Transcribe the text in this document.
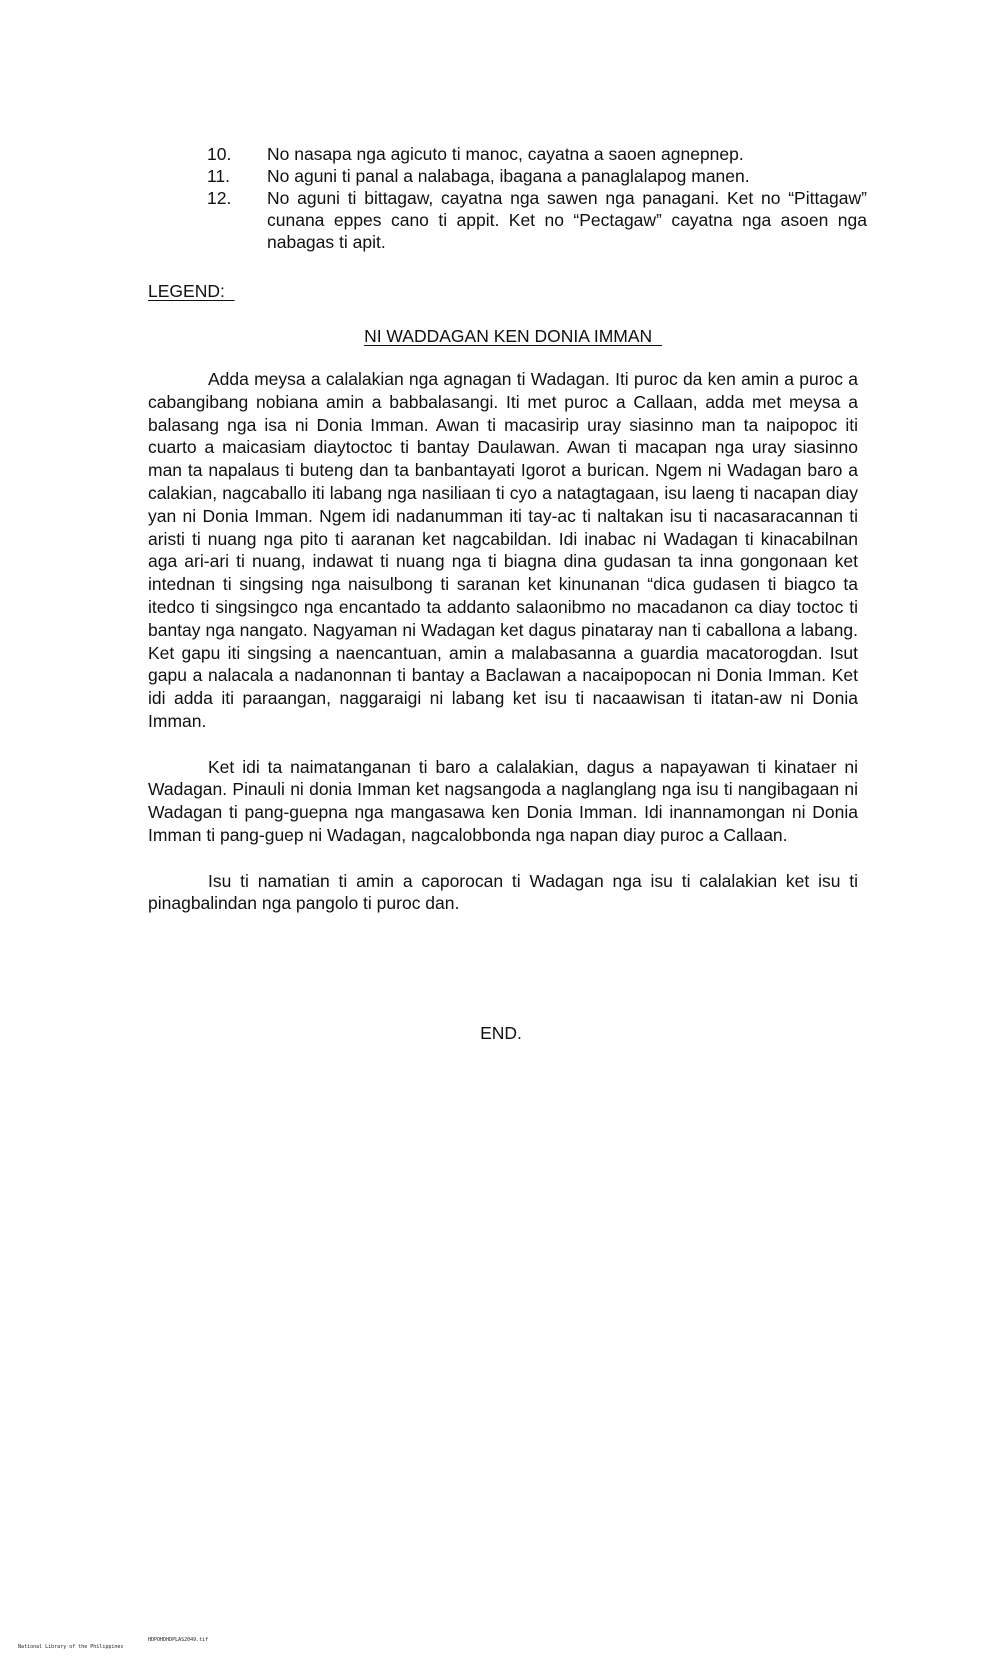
10.	No nasapa nga agicuto ti manoc, cayatna a saoen agnepnep.
11.	No aguni ti panal a nalabaga, ibagana a panaglalapog manen.
12.	No aguni ti bittagaw, cayatna nga sawen nga panagani. Ket no “Pittagaw” cunana eppes cano ti appit. Ket no “Pectagaw” cayatna nga asoen nga nabagas ti apit.
LEGEND:
NI WADDAGAN KEN DONIA IMMAN

Adda meysa a calalakian nga agnagan ti Wadagan. Iti puroc da ken amin a puroc a cabangibang nobiana amin a babbalasangi. Iti met puroc a Callaan, adda met meysa a balasang nga isa ni Donia Imman. Awan ti macasirip uray siasinno man ta naipopoc iti cuarto a maicasiam diaytoctoc ti bantay Daulawan. Awan ti macapan nga uray siasinno man ta napalaus ti buteng dan ta banbantayati Igorot a burican. Ngem ni Wadagan baro a calakian, nagcaballo iti labang nga nasiliaan ti cyo a natagtagaan, isu laeng ti nacapan diay yan ni Donia Imman. Ngem idi nadanumman iti tay-ac ti naltakan isu ti nacasaracannan ti aristi ti nuang nga pito ti aaranan ket nagcabildan. Idi inabac ni Wadagan ti kinacabilnan aga ari-ari ti nuang, indawat ti nuang nga ti biagna dina gudasan ta inna gongonaan ket intednan ti singsing nga naisulbong ti saranan ket kinunanan “dica gudasen ti biagco ta itedco ti singsingco nga encantado ta addanto salaonibmo no macadanon ca diay toctoc ti bantay nga nangato. Nagyaman ni Wadagan ket dagus pinataray nan ti caballona a labang. Ket gapu iti singsing a naencantuan, amin a malabasanna a guardia macatorogdan. Isut gapu a nalacala a nadanonnan ti bantay a Baclawan a nacaipopocan ni Donia Imman. Ket idi adda iti paraangan, naggaraigi ni labang ket isu ti nacaawisan ti itatan-aw ni Donia Imman.

Ket idi ta naimatanganan ti baro a calalakian, dagus a napayawan ti kinataer ni Wadagan. Pinauli ni donia Imman ket nagsangoda a naglanglang nga isu ti nangibagaan ni Wadagan ti pang-guepna nga mangasawa ken Donia Imman. Idi inannamongan ni Donia Imman ti pang-guep ni Wadagan, nagcalobbonda nga napan diay puroc a Callaan.

Isu ti namatian ti amin a caporocan ti Wadagan nga isu ti calalakian ket isu ti pinagbalindan nga pangolo ti puroc dan.

END.

National Library of the Philippines

HDPOHDHDPLAS2049.tif
